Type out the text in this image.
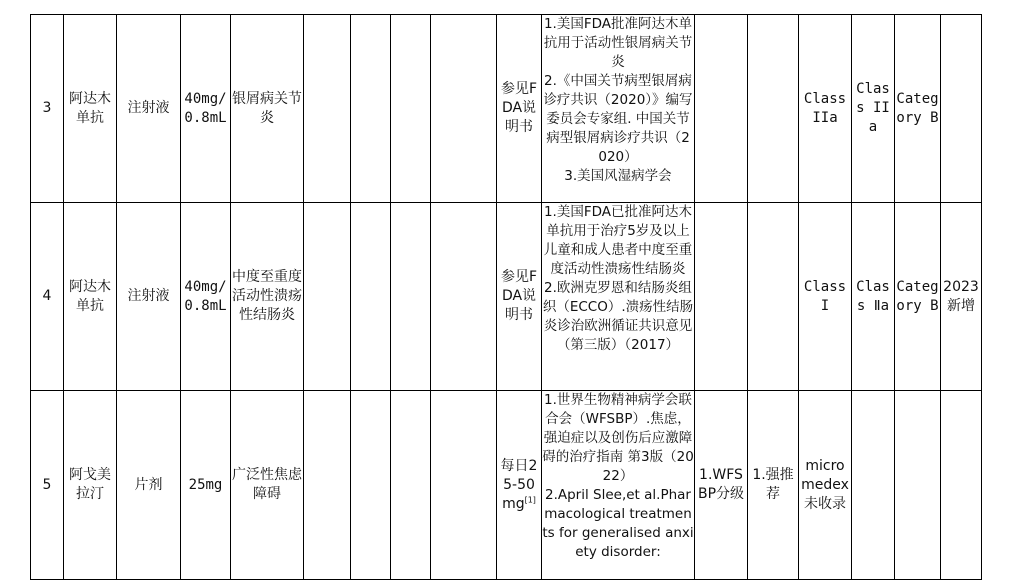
3	阿达木单抗	注射液	40mg/0.8mL	银屑病关节炎					参见FDA说明书	1.美国FDA批准阿达木单抗用于活动性银屑病关节炎
2.《中国关节病型银屑病诊疗共识（2020）》编写委员会专家组. 中国关节病型银屑病诊疗共识（2020）
3.美国风湿病学会			Class IIa	Class IIa	Category B	
4	阿达木单抗	注射液	40mg/0.8mL	中度至重度活动性溃疡性结肠炎					参见FDA说明书	1.美国FDA已批准阿达木单抗用于治疗5岁及以上儿童和成人患者中度至重度活动性溃疡性结肠炎
2.欧洲克罗恩和结肠炎组织（ECCO）.溃疡性结肠炎诊治欧洲循证共识意见（第三版）（2017）			Class I	Class Ⅱa	Category B	2023新增
5	阿戈美拉汀	片剂	25mg	广泛性焦虑障碍					每日25-50mg[1]	1.世界生物精神病学会联合会（WFSBP）.焦虑，强迫症以及创伤后应激障碍的治疗指南 第3版（2022）
2.April Slee,et al.Pharmacological treatments for generalised anxiety disorder:	1.WFSBP分级	1.强推荐	micromedex未收录			
